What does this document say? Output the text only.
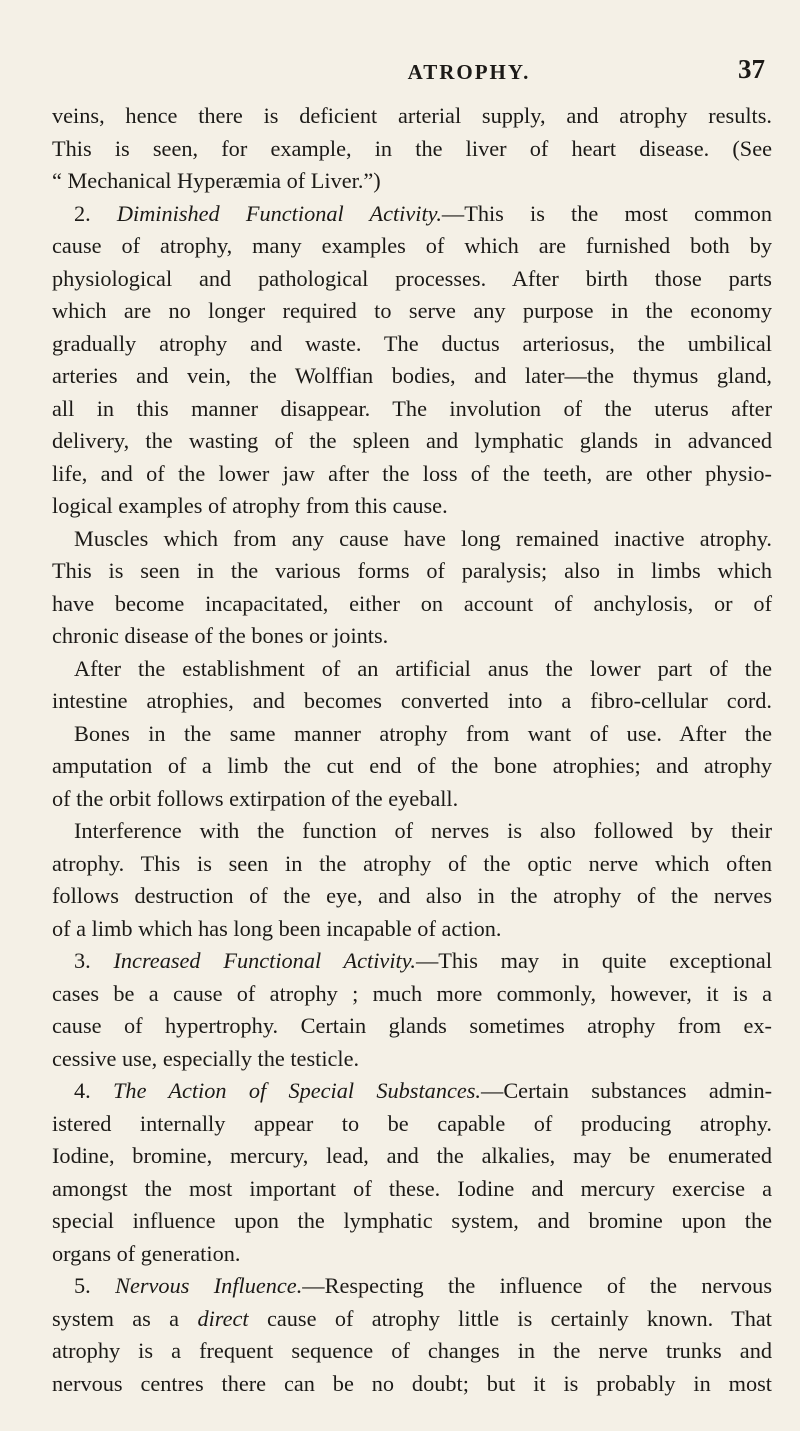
ATROPHY.	37
veins, hence there is deficient arterial supply, and atrophy results.
This is seen, for example, in the liver of heart disease. (See
“ Mechanical Hyperæmia of Liver.”)
2. Diminished Functional Activity.—This is the most common
cause of atrophy, many examples of which are furnished both by
physiological and pathological processes. After birth those parts
which are no longer required to serve any purpose in the economy
gradually atrophy and waste. The ductus arteriosus, the umbilical
arteries and vein, the Wolffian bodies, and later—the thymus gland,
all in this manner disappear. The involution of the uterus after
delivery, the wasting of the spleen and lymphatic glands in advanced
life, and of the lower jaw after the loss of the teeth, are other physio-
logical examples of atrophy from this cause.
Muscles which from any cause have long remained inactive atrophy.
This is seen in the various forms of paralysis; also in limbs which
have become incapacitated, either on account of anchylosis, or of
chronic disease of the bones or joints.
After the establishment of an artificial anus the lower part of the
intestine atrophies, and becomes converted into a fibro-cellular cord.
Bones in the same manner atrophy from want of use. After the
amputation of a limb the cut end of the bone atrophies; and atrophy
of the orbit follows extirpation of the eyeball.
Interference with the function of nerves is also followed by their
atrophy. This is seen in the atrophy of the optic nerve which often
follows destruction of the eye, and also in the atrophy of the nerves
of a limb which has long been incapable of action.
3. Increased Functional Activity.—This may in quite exceptional
cases be a cause of atrophy ; much more commonly, however, it is a
cause of hypertrophy. Certain glands sometimes atrophy from ex-
cessive use, especially the testicle.
4. The Action of Special Substances.—Certain substances admin-
istered internally appear to be capable of producing atrophy.
Iodine, bromine, mercury, lead, and the alkalies, may be enumerated
amongst the most important of these. Iodine and mercury exercise a
special influence upon the lymphatic system, and bromine upon the
organs of generation.
5. Nervous Influence.—Respecting the influence of the nervous
system as a direct cause of atrophy little is certainly known. That
atrophy is a frequent sequence of changes in the nerve trunks and
nervous centres there can be no doubt; but it is probably in most
